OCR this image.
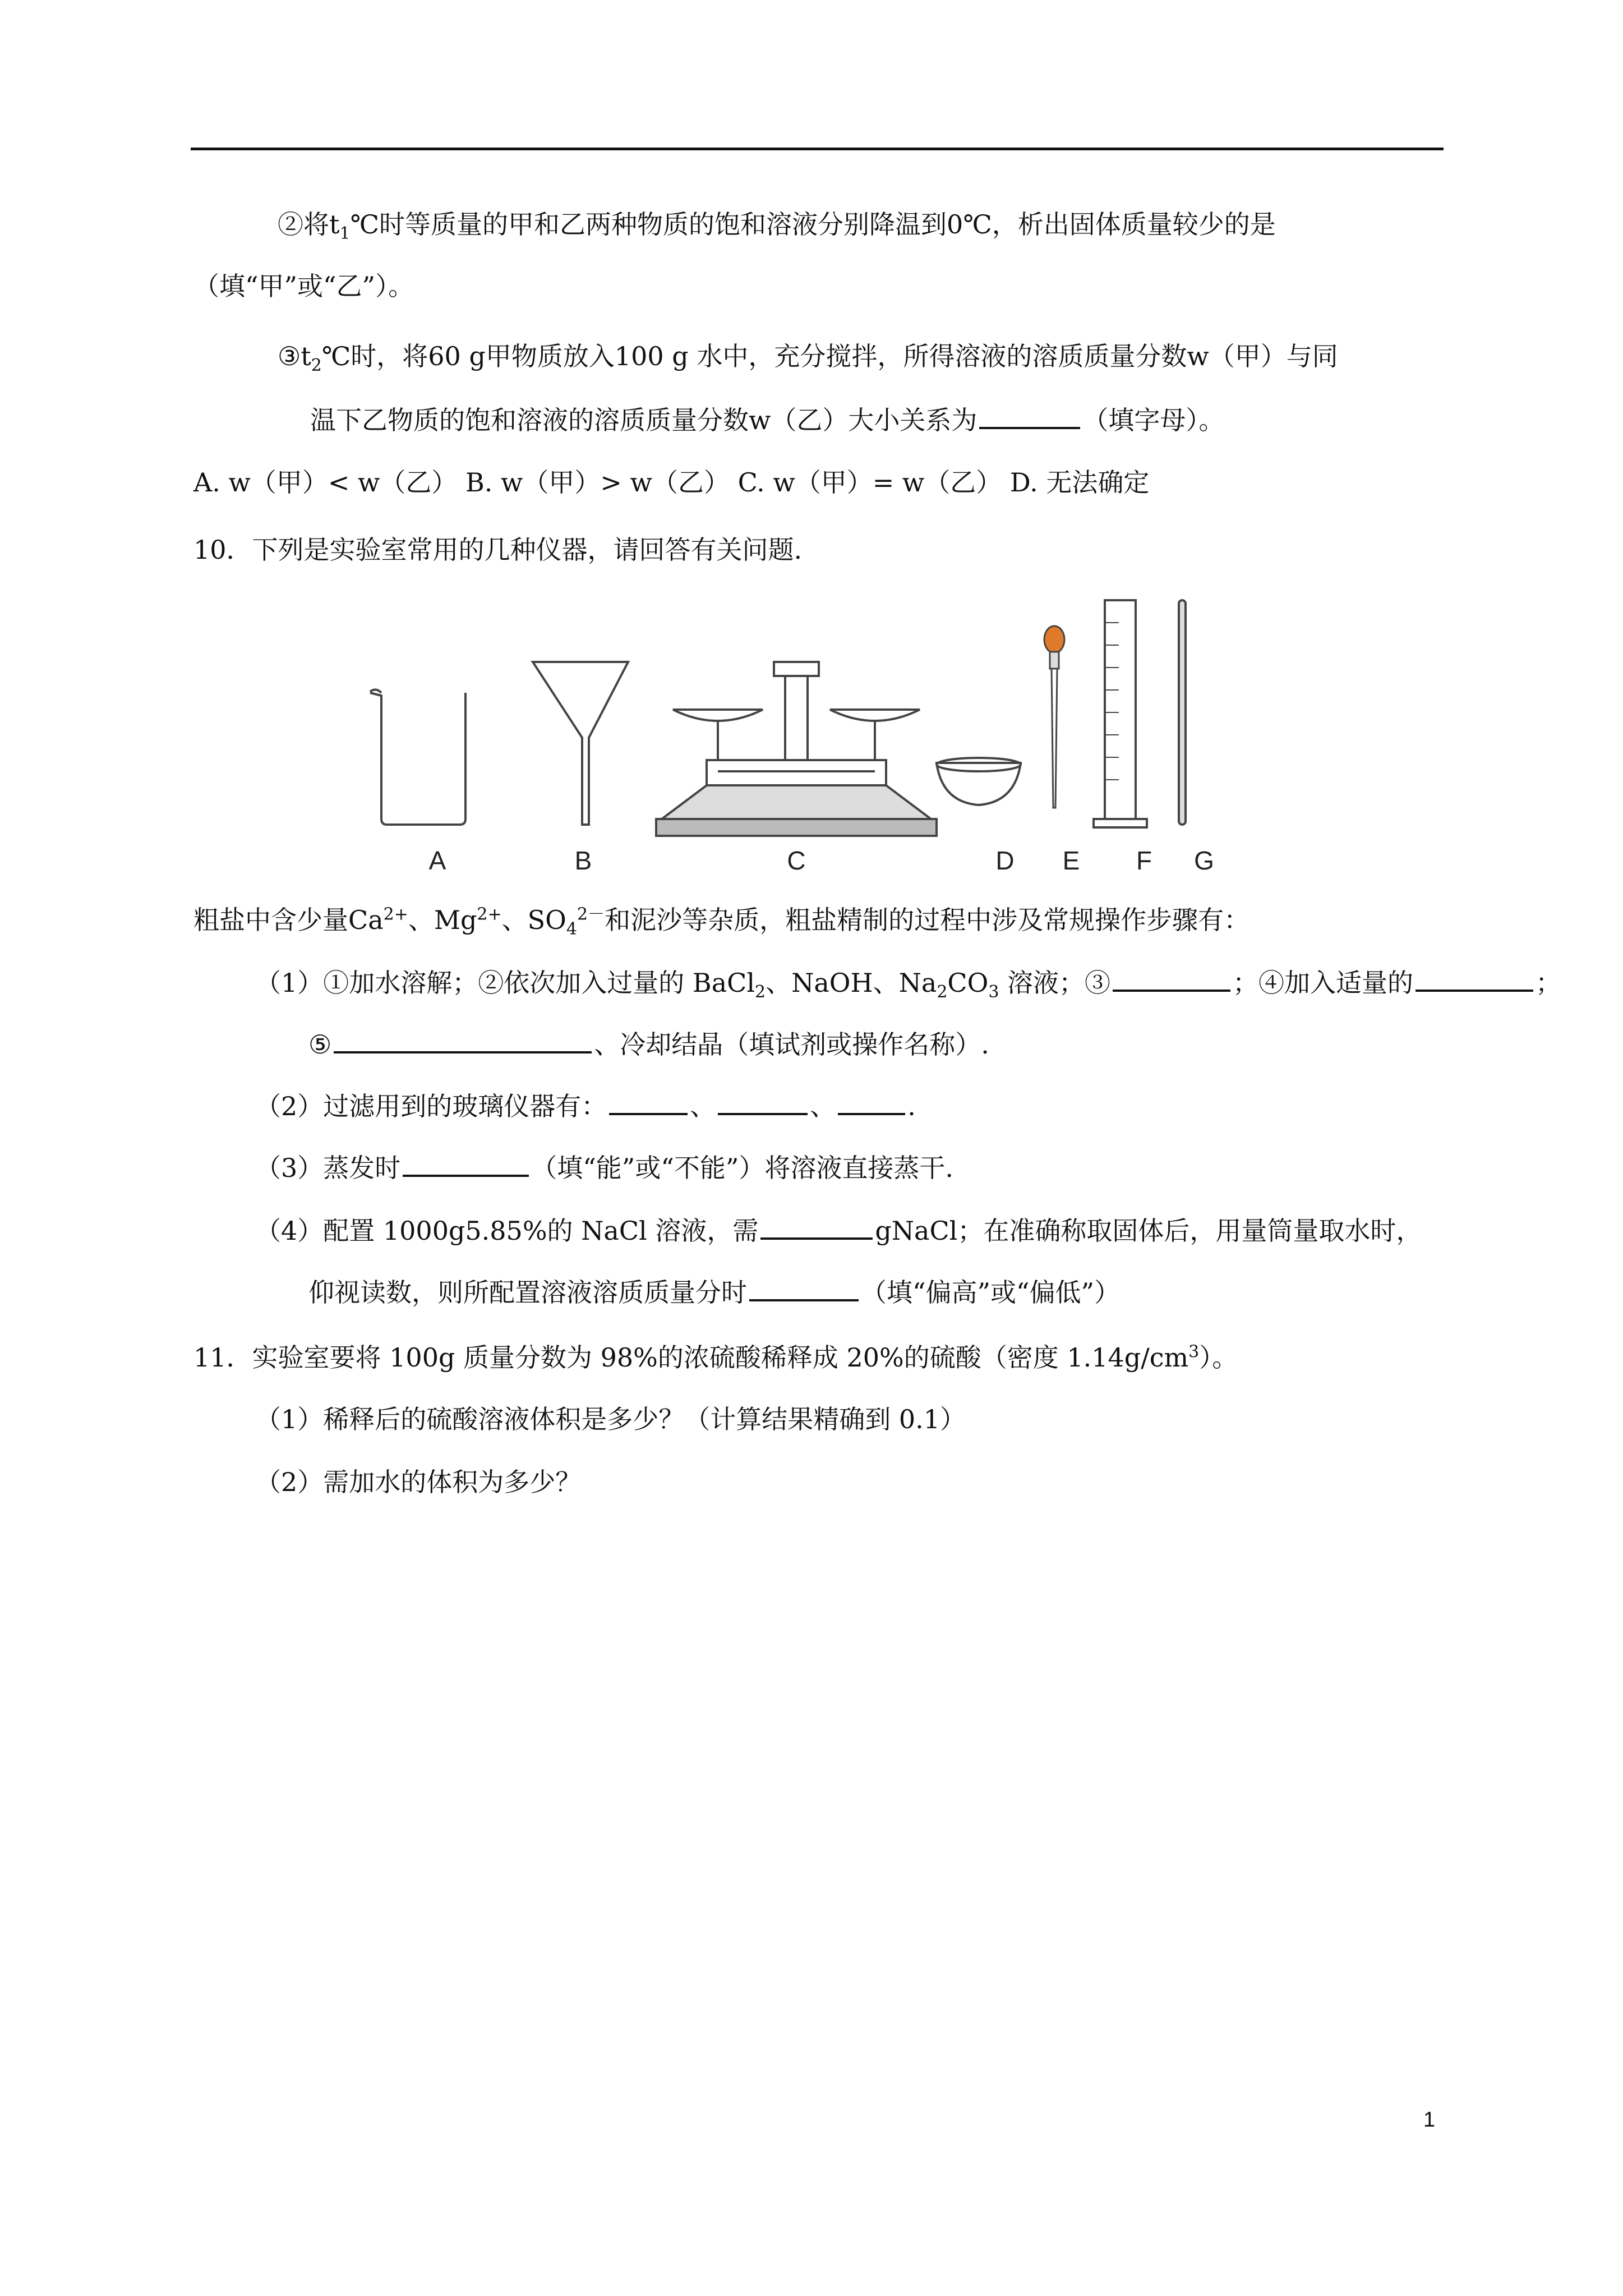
②将$t_1℃$时等质量的甲和乙两种物质的饱和溶液分别降温到0℃，析出固体质量较少的是
（填“甲”或“乙”）。
$③t_2℃$时，将60 g甲物质放入100 g 水中，充分搅拌，所得溶液的溶质质量分数w（甲）与同
温下乙物质的饱和溶液的溶质质量分数w（乙）大小关系为	（填字母）。
A. w（甲）< w（乙） B. w（甲）> w（乙） C. w（甲）= w（乙） D. 无法确定
10．下列是实验室常用的几种仪器，请回答有关问题.
A	B	C	D E F G
粗盐中含少量$Ca^{2+}$、$Mg^{2+}$、$SO_4^{2-}$和泥沙等杂质，粗盐精制的过程中涉及常规操作步骤有：
（1）①加水溶解；②依次加入过量的 BaCl$_2$、NaOH、$Na_2CO_3$ 溶液；③	；④加入适量的	；
⑤	、冷却结晶（填试剂或操作名称）.
（2）过滤用到的玻璃仪器有：	、	、	.
（3）蒸发时	（填“能”或“不能”）将溶液直接蒸干.
（4）配置 1000g5.85%的 NaCl 溶液，需	gNaCl；在准确称取固体后，用量筒量取水时，
仰视读数，则所配置溶液溶质质量分时	（填“偏高”或“偏低”）
11．实验室要将 100g 质量分数为 98%的浓硫酸稀释成 20%的硫酸（密度 $1.14g/cm^3$）。
（1）稀释后的硫酸溶液体积是多少？（计算结果精确到 0.1）
（2）需加水的体积为多少？
1
